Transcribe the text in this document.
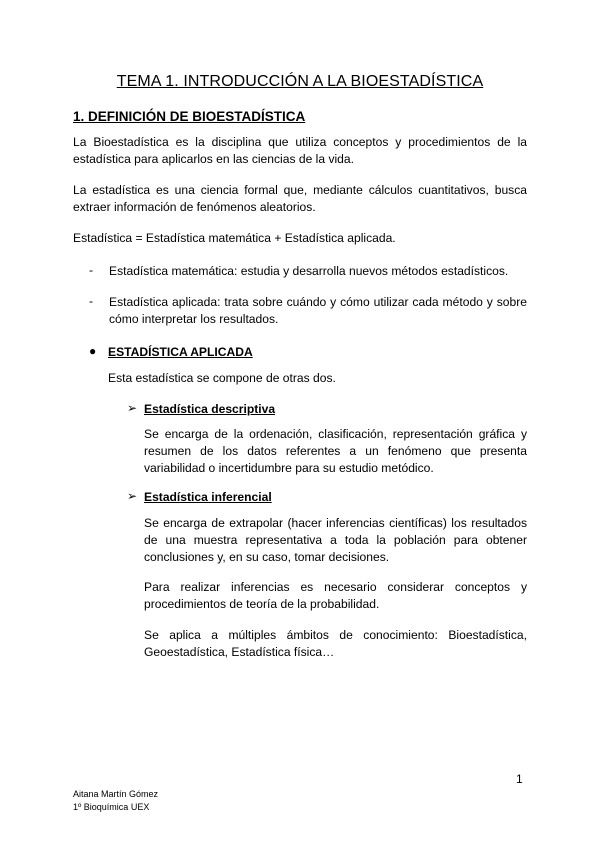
TEMA 1. INTRODUCCIÓN A LA BIOESTADÍSTICA
1. DEFINICIÓN DE BIOESTADÍSTICA
La Bioestadística es la disciplina que utiliza conceptos y procedimientos de la estadística para aplicarlos en las ciencias de la vida.
La estadística es una ciencia formal que, mediante cálculos cuantitativos, busca extraer información de fenómenos aleatorios.
Estadística = Estadística matemática + Estadística aplicada.
- Estadística matemática: estudia y desarrolla nuevos métodos estadísticos.
- Estadística aplicada: trata sobre cuándo y cómo utilizar cada método y sobre cómo interpretar los resultados.
● ESTADÍSTICA APLICADA
Esta estadística se compone de otras dos.
➢ Estadística descriptiva
Se encarga de la ordenación, clasificación, representación gráfica y resumen de los datos referentes a un fenómeno que presenta variabilidad o incertidumbre para su estudio metódico.
➢ Estadística inferencial
Se encarga de extrapolar (hacer inferencias científicas) los resultados de una muestra representativa a toda la población para obtener conclusiones y, en su caso, tomar decisiones.
Para realizar inferencias es necesario considerar conceptos y procedimientos de teoría de la probabilidad.
Se aplica a múltiples ámbitos de conocimiento: Bioestadística, Geoestadística, Estadística física…
1
Aitana Martín Gómez
1º Bioquímica UEX
